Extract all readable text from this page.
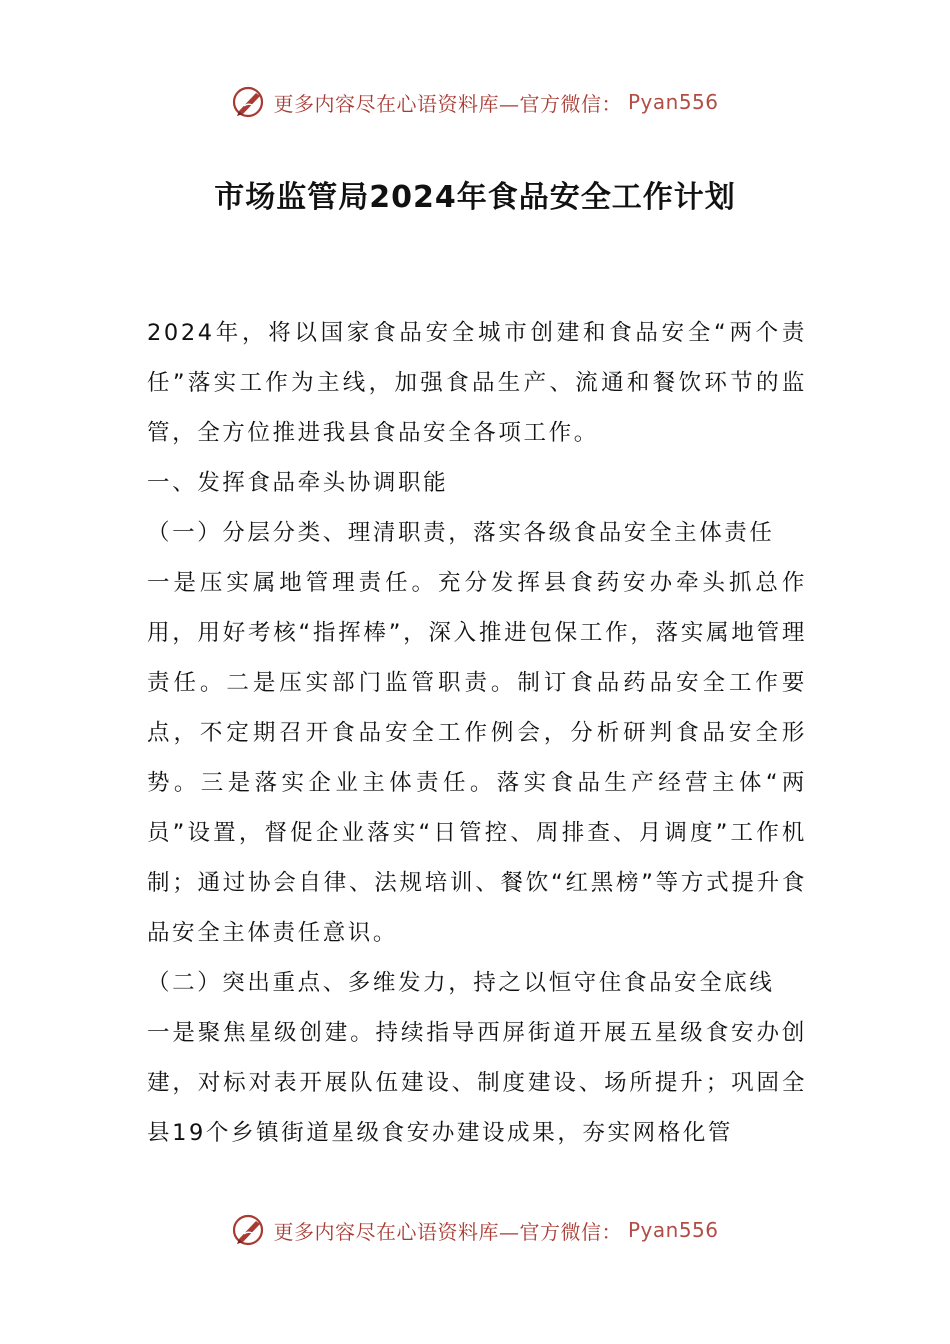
更多内容尽在心语资料库—官方微信： Pyan556
市场监管局2024年食品安全工作计划

2024年，将以国家食品安全城市创建和食品安全“两个责任”落实工作为主线，加强食品生产、流通和餐饮环节的监管，全方位推进我县食品安全各项工作。

一、发挥食品牵头协调职能

（一）分层分类、理清职责，落实各级食品安全主体责任

一是压实属地管理责任。充分发挥县食药安办牵头抓总作用，用好考核“指挥棒”，深入推进包保工作，落实属地管理责任。二是压实部门监管职责。制订食品药品安全工作要点，不定期召开食品安全工作例会，分析研判食品安全形势。三是落实企业主体责任。落实食品生产经营主体“两员”设置，督促企业落实“日管控、周排查、月调度”工作机制；通过协会自律、法规培训、餐饮“红黑榜”等方式提升食品安全主体责任意识。

（二）突出重点、多维发力，持之以恒守住食品安全底线

一是聚焦星级创建。持续指导西屏街道开展五星级食安办创建，对标对表开展队伍建设、制度建设、场所提升；巩固全县19个乡镇街道星级食安办建设成果，夯实网格化管

更多内容尽在心语资料库—官方微信： Pyan556
